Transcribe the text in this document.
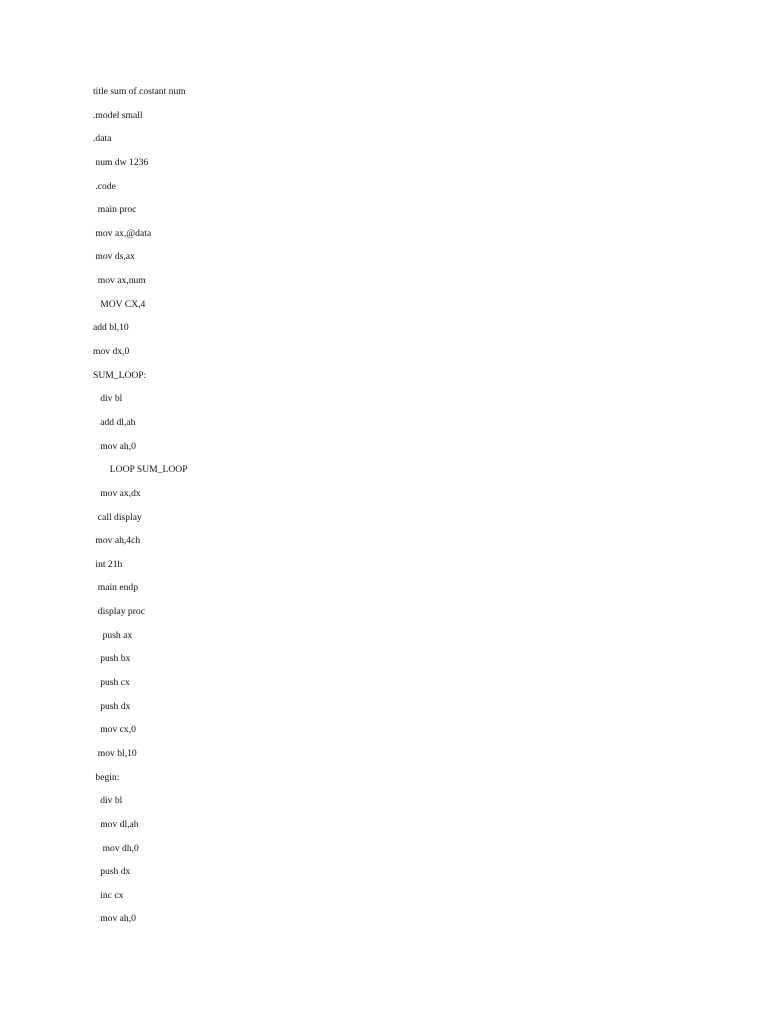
title sum of costant num
.model small
.data
num dw 1236
.code
main proc
mov ax,@data
mov ds,ax
mov ax,num
MOV CX,4
add bl,10
mov dx,0
SUM_LOOP:
div bl
add dl,ah
mov ah,0
LOOP SUM_LOOP
mov ax,dx
call display
mov ah,4ch
int 21h
main endp
display proc
push ax
push bx
push cx
push dx
mov cx,0
mov bl,10
begin:
div bl
mov dl,ah
mov dh,0
push dx
inc cx
mov ah,0
